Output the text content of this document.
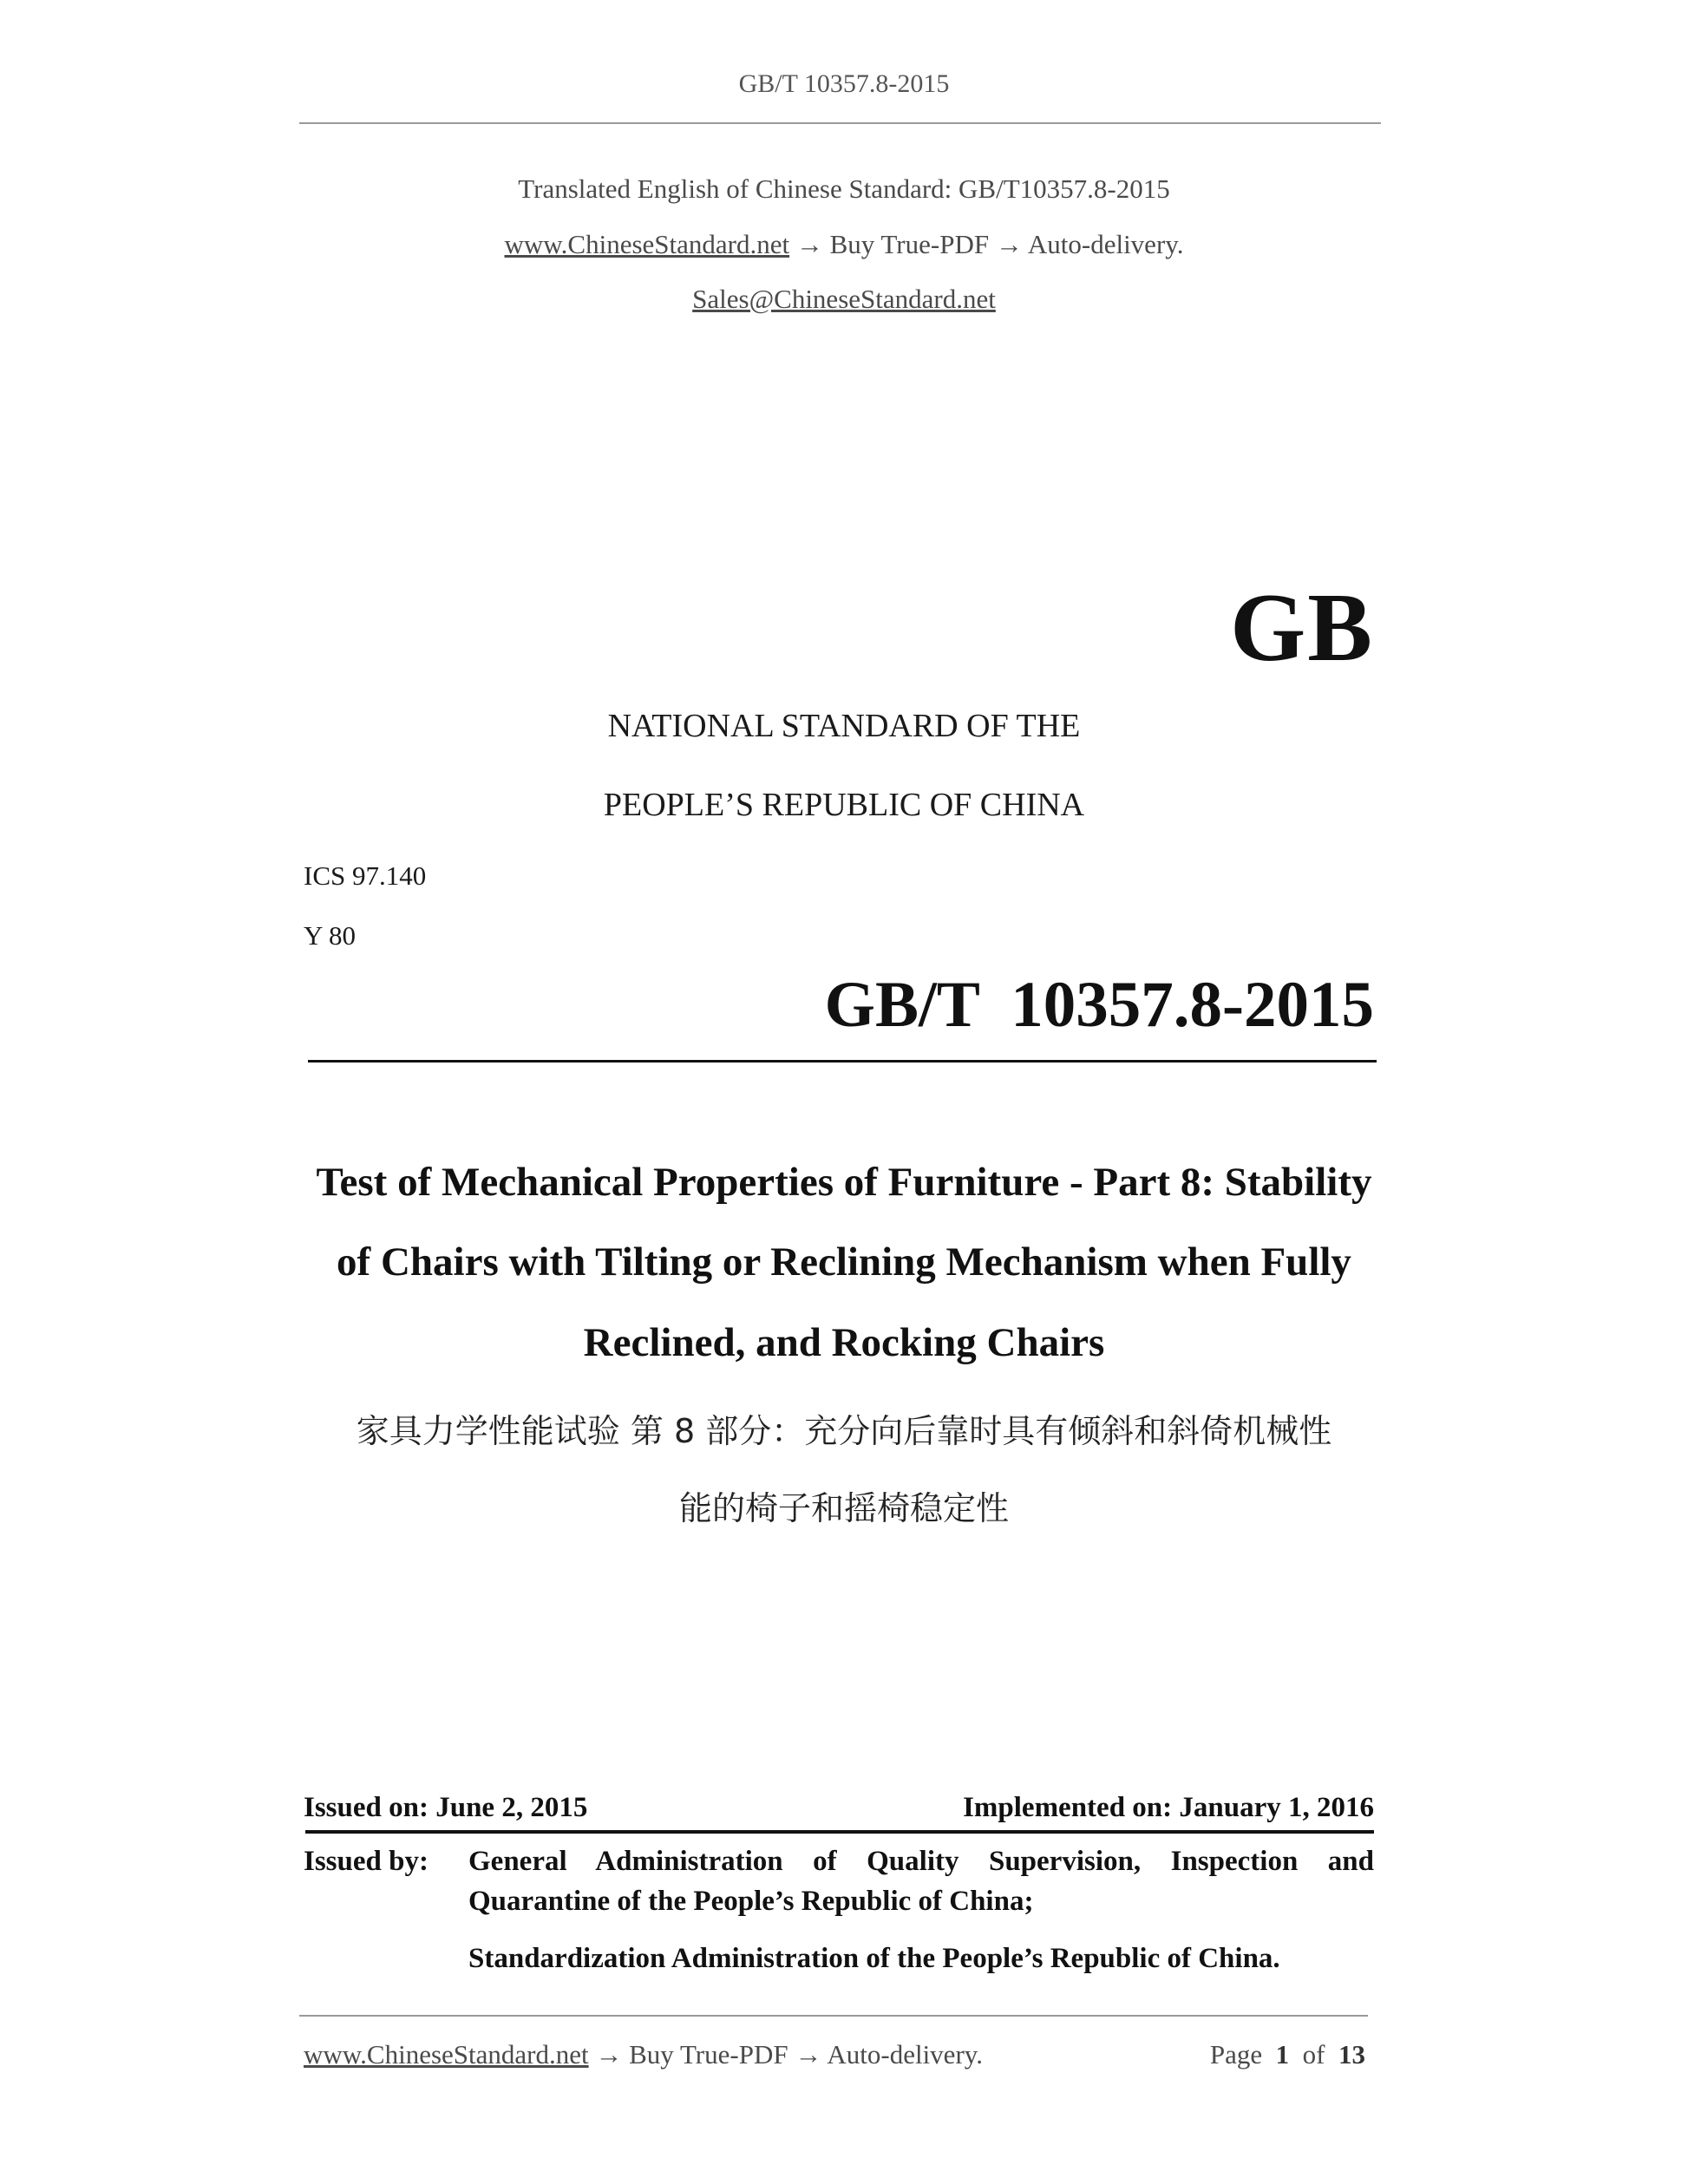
GB/T 10357.8-2015
Translated English of Chinese Standard: GB/T10357.8-2015
www.ChineseStandard.net → Buy True-PDF → Auto-delivery.
Sales@ChineseStandard.net
GB
NATIONAL STANDARD OF THE
PEOPLE’S REPUBLIC OF CHINA
ICS 97.140
Y 80
GB/T 10357.8-2015
Test of Mechanical Properties of Furniture - Part 8: Stability
of Chairs with Tilting or Reclining Mechanism when Fully
Reclined, and Rocking Chairs
家具力学性能试验 第 8 部分：充分向后靠时具有倾斜和斜倚机械性
能的椅子和摇椅稳定性
Issued on: June 2, 2015	Implemented on: January 1, 2016
Issued by: General Administration of Quality Supervision, Inspection and
Quarantine of the People’s Republic of China;
Standardization Administration of the People’s Republic of China.
www.ChineseStandard.net → Buy True-PDF → Auto-delivery.	Page 1 of 13
